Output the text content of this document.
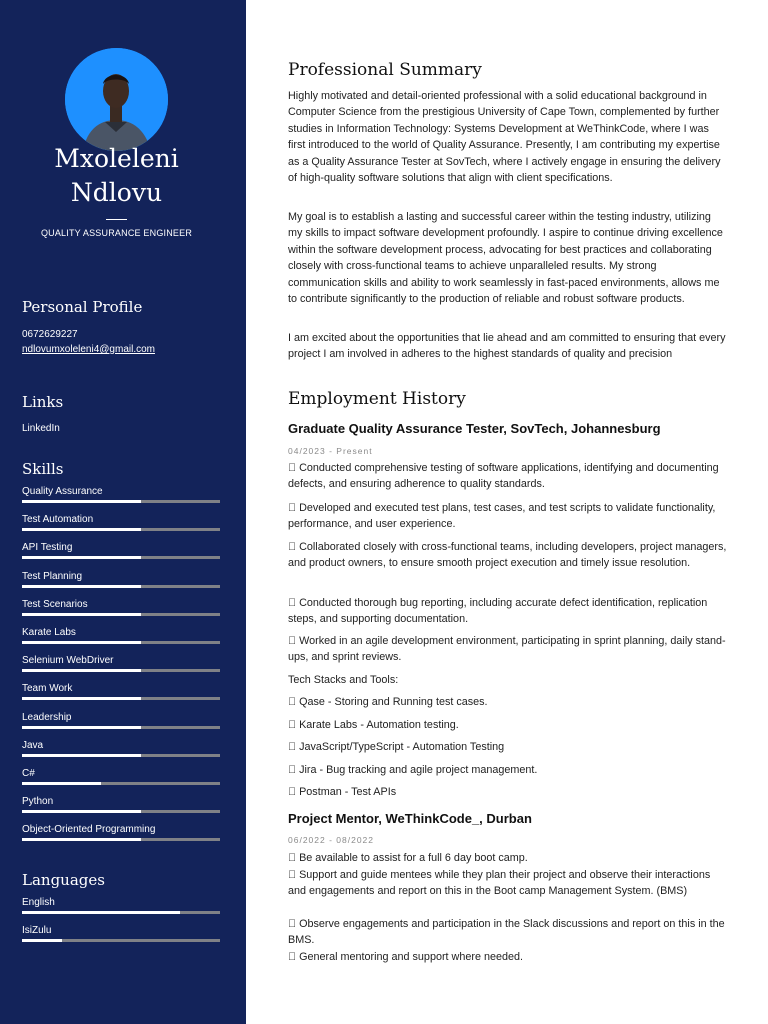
Mxoleleni
Ndlovu
QUALITY ASSURANCE ENGINEER
Personal Profile
0672629227
ndlovumxoleleni4@gmail.com
Links
LinkedIn
Skills
Quality Assurance
Test Automation
API Testing
Test Planning
Test Scenarios
Karate Labs
Selenium WebDriver
Team Work
Leadership
Java
C#
Python
Object-Oriented Programming
Languages
English
IsiZulu
Professional Summary
Highly motivated and detail-oriented professional with a solid educational background in Computer Science from the prestigious University of Cape Town, complemented by further studies in Information Technology: Systems Development at WeThinkCode, where I was first introduced to the world of Quality Assurance. Presently, I am contributing my expertise as a Quality Assurance Tester at SovTech, where I actively engage in ensuring the delivery of high-quality software solutions that align with client specifications.
My goal is to establish a lasting and successful career within the testing industry, utilizing my skills to impact software development profoundly. I aspire to continue driving excellence within the software development process, advocating for best practices and collaborating closely with cross-functional teams to achieve unparalleled results. My strong communication skills and ability to work seamlessly in fast-paced environments, allows me to contribute significantly to the production of reliable and robust software products.
I am excited about the opportunities that lie ahead and am committed to ensuring that every project I am involved in adheres to the highest standards of quality and precision
Employment History
Graduate Quality Assurance Tester, SovTech, Johannesburg
04/2023 - Present
Conducted comprehensive testing of software applications, identifying and documenting defects, and ensuring adherence to quality standards.
Developed and executed test plans, test cases, and test scripts to validate functionality, performance, and user experience.
Collaborated closely with cross-functional teams, including developers, project managers, and product owners, to ensure smooth project execution and timely issue resolution.
Conducted thorough bug reporting, including accurate defect identification, replication steps, and supporting documentation.
Worked in an agile development environment, participating in sprint planning, daily stand-ups, and sprint reviews.
Tech Stacks and Tools:
Qase - Storing and Running test cases.
Karate Labs - Automation testing.
JavaScript/TypeScript - Automation Testing
Jira - Bug tracking and agile project management.
Postman - Test APIs
Project Mentor, WeThinkCode_, Durban
06/2022 - 08/2022
Be available to assist for a full 6 day boot camp.
Support and guide mentees while they plan their project and observe their interactions and engagements and report on this in the Boot camp Management System. (BMS)
Observe engagements and participation in the Slack discussions and report on this in the BMS.
General mentoring and support where needed.
